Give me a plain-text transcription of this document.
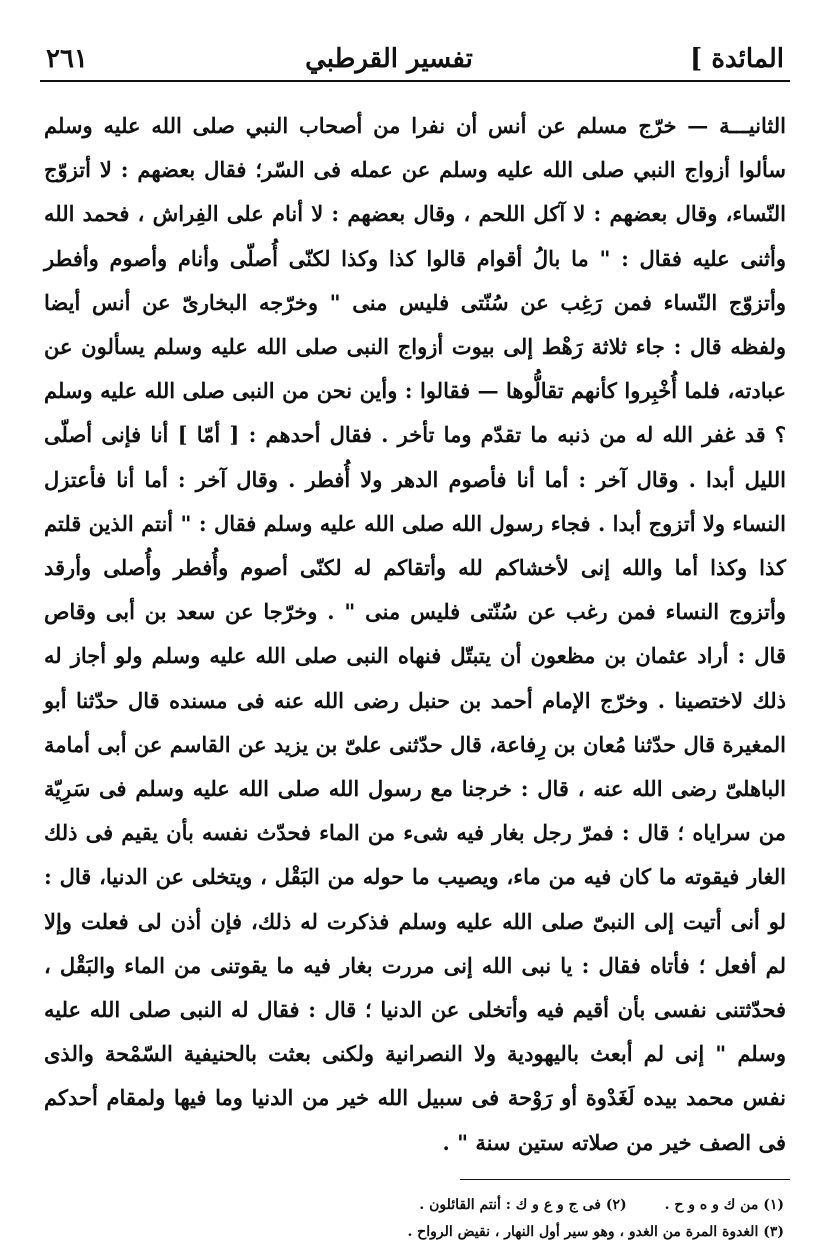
المائدة ]
تفسير القرطبي
٢٦١

الثانيـــة — خرّج مسلم عن أنس أن نفرا من أصحاب النبي صلى الله عليه وسلم سألوا أزواج النبي صلى الله عليه وسلم عن عمله فى السّر؛ فقال بعضهم : لا أتزوّج النّساء، وقال بعضهم : لا آكل اللحم ، وقال بعضهم : لا أنام على الفِراش ، فحمد الله وأثنى عليه فقال : " ما بالُ أقوام قالوا كذا وكذا لكنّى أُصلّى وأنام وأصوم وأفطر وأتزوّج النّساء فمن رَغِب عن سُنّتى فليس منى " وخرّجه البخارىّ عن أنس أيضا ولفظه قال : جاء ثلاثة رَهْط إلى بيوت أزواج النبى صلى الله عليه وسلم يسألون عن عبادته، فلما أُخْبِروا كأنهم تقالُّوها — فقالوا : وأين نحن من النبى صلى الله عليه وسلم ؟ قد غفر الله له من ذنبه ما تقدّم وما تأخر . فقال أحدهم : [ أمّا ] أنا فإنى أصلّى الليل أبدا . وقال آخر : أما أنا فأصوم الدهر ولا أُفطر . وقال آخر : أما أنا فأعتزل النساء ولا أتزوج أبدا . فجاء رسول الله صلى الله عليه وسلم فقال : " أنتم الذين قلتم كذا وكذا أما والله إنى لأخشاكم لله وأتقاكم له لكنّى أصوم وأُفطر وأُصلى وأرقد وأتزوج النساء فمن رغب عن سُنّتى فليس منى " . وخرّجا عن سعد بن أبى وقاص قال : أراد عثمان بن مظعون أن يتبتّل فنهاه النبى صلى الله عليه وسلم ولو أجاز له ذلك لاختصينا . وخرّج الإمام أحمد بن حنبل رضى الله عنه فى مسنده قال حدّثنا أبو المغيرة قال حدّثنا مُعان بن رِفاعة، قال حدّثنى علىّ بن يزيد عن القاسم عن أبى أمامة الباهلىّ رضى الله عنه ، قال : خرجنا مع رسول الله صلى الله عليه وسلم فى سَرِيّة من سراياه ؛ قال : فمرّ رجل بغار فيه شىء من الماء فحدّث نفسه بأن يقيم فى ذلك الغار فيقوته ما كان فيه من ماء، ويصيب ما حوله من البَقْل ، ويتخلى عن الدنيا، قال : لو أنى أتيت إلى النبىّ صلى الله عليه وسلم فذكرت له ذلك، فإن أذن لى فعلت وإلا لم أفعل ؛ فأتاه فقال : يا نبى الله إنى مررت بغار فيه ما يقوتنى من الماء والبَقْل ، فحدّثتنى نفسى بأن أقيم فيه وأتخلى عن الدنيا ؛ قال : فقال له النبى صلى الله عليه وسلم " إنى لم أبعث باليهودية ولا النصرانية ولكنى بعثت بالحنيفية السّمْحة والذى نفس محمد بيده لَغَدْوة أو رَوْحة فى سبيل الله خير من الدنيا وما فيها ولمقام أحدكم فى الصف خير من صلاته ستين سنة " .

(١) من ك و ه و ح .
(٢) فى ج و ع و ك : أنتم القائلون .
(٣) الغدوة المرة من الغدو ، وهو سير أول النهار ، نقيض الرواح .
